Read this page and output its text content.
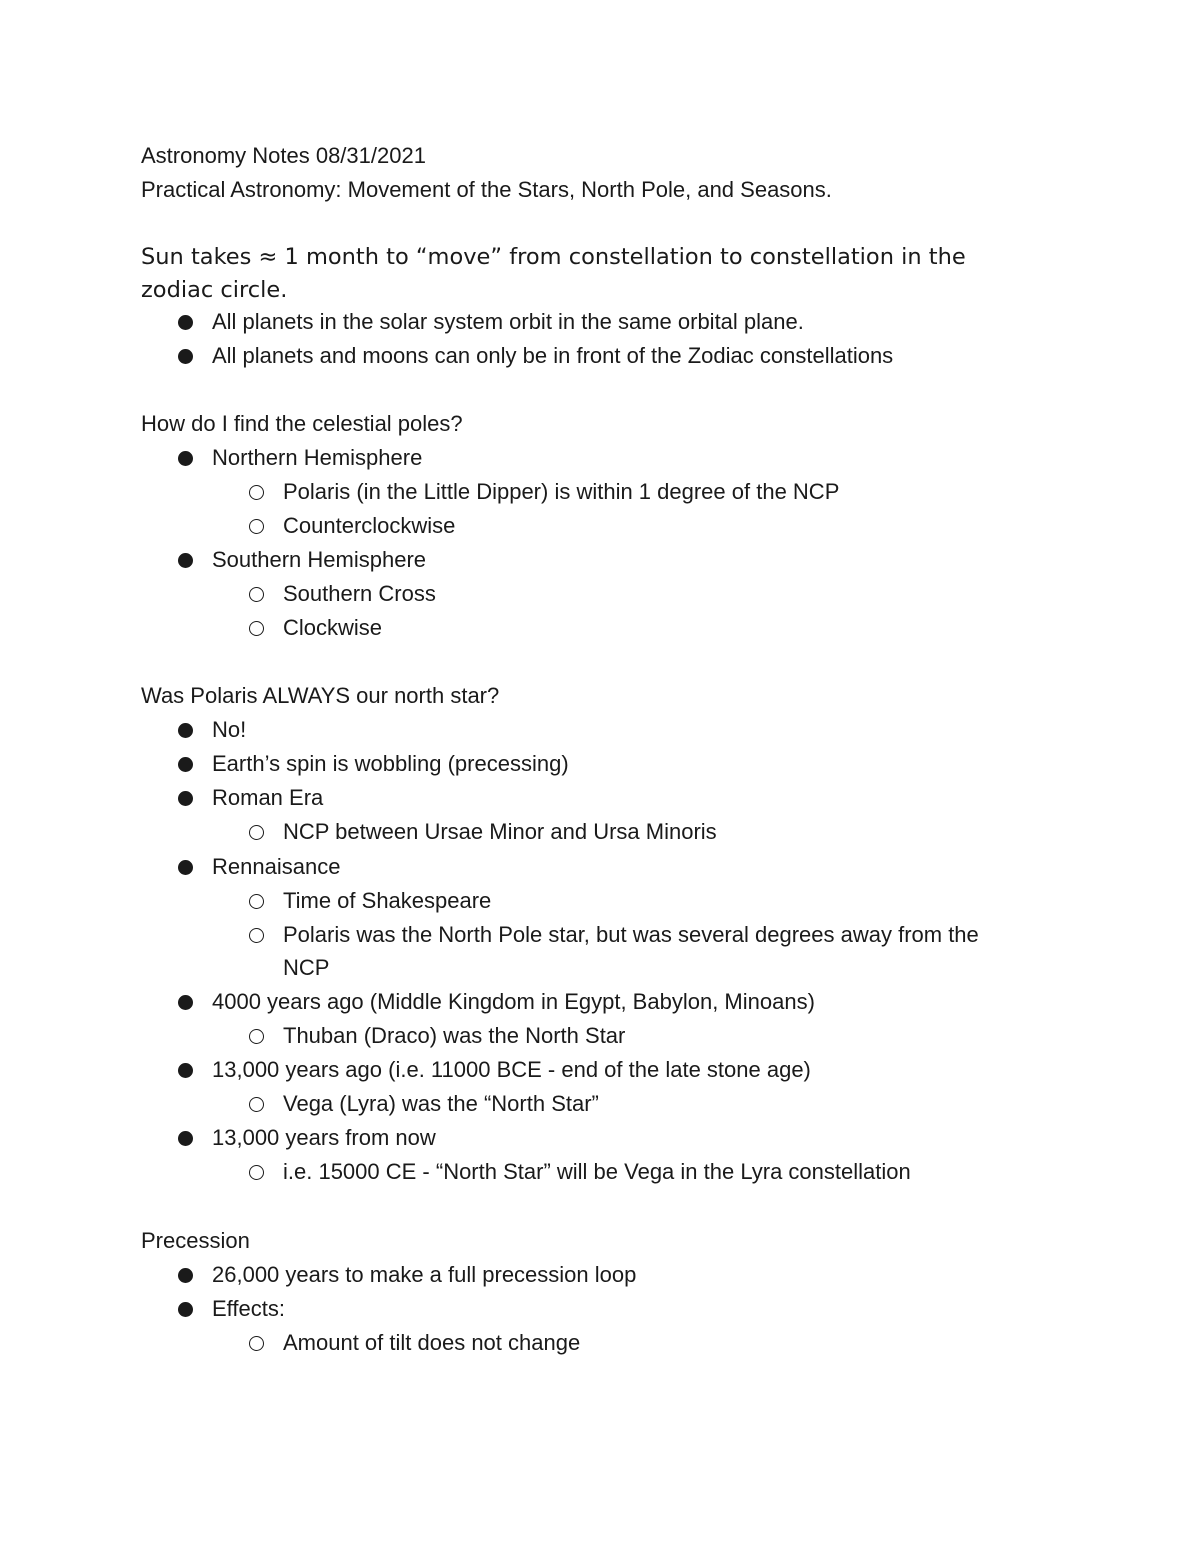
Astronomy Notes 08/31/2021
Practical Astronomy: Movement of the Stars, North Pole, and Seasons.
Sun takes ≈ 1 month to “move” from constellation to constellation in the
zodiac circle.
All planets in the solar system orbit in the same orbital plane.
All planets and moons can only be in front of the Zodiac constellations
How do I find the celestial poles?
Northern Hemisphere
Polaris (in the Little Dipper) is within 1 degree of the NCP
Counterclockwise
Southern Hemisphere
Southern Cross
Clockwise
Was Polaris ALWAYS our north star?
No!
Earth’s spin is wobbling (precessing)
Roman Era
NCP between Ursae Minor and Ursa Minoris
Rennaisance
Time of Shakespeare
Polaris was the North Pole star, but was several degrees away from the
NCP
4000 years ago (Middle Kingdom in Egypt, Babylon, Minoans)
Thuban (Draco) was the North Star
13,000 years ago (i.e. 11000 BCE - end of the late stone age)
Vega (Lyra) was the “North Star”
13,000 years from now
i.e. 15000 CE - “North Star” will be Vega in the Lyra constellation
Precession
26,000 years to make a full precession loop
Effects:
Amount of tilt does not change
